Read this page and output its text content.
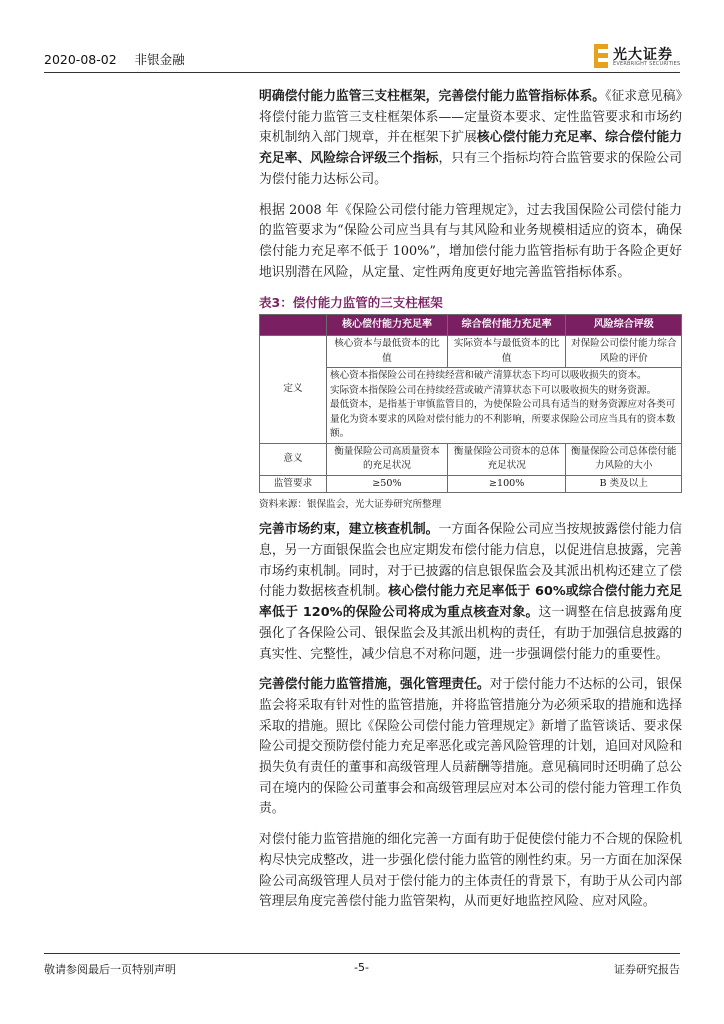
2020-08-02 非银金融	光大证券
EVERBRIGHT SECURITIES

明确偿付能力监管三支柱框架，完善偿付能力监管指标体系。《征求意见稿》将偿付能力监管三支柱框架体系——定量资本要求、定性监管要求和市场约束机制纳入部门规章，并在框架下扩展核心偿付能力充足率、综合偿付能力充足率、风险综合评级三个指标，只有三个指标均符合监管要求的保险公司为偿付能力达标公司。

根据 2008 年《保险公司偿付能力管理规定》，过去我国保险公司偿付能力的监管要求为“保险公司应当具有与其风险和业务规模相适应的资本，确保偿付能力充足率不低于 100%”，增加偿付能力监管指标有助于各险企更好地识别潜在风险，从定量、定性两角度更好地完善监管指标体系。

表3：偿付能力监管的三支柱框架
	核心偿付能力充足率	综合偿付能力充足率	风险综合评级
定义	核心资本与最低资本的比值	实际资本与最低资本的比值	对保险公司偿付能力综合风险的评价

	核心资本指保险公司在持续经营和破产清算状态下均可以吸收损失的资本。
实际资本指保险公司在持续经营或破产清算状态下可以吸收损失的财务资源。
最低资本，是指基于审慎监管目的，为使保险公司具有适当的财务资源应对各类可量化为资本要求的风险对偿付能力的不利影响，所要求保险公司应当具有的资本数额。		

意义	衡量保险公司高质量资本的充足状况	衡量保险公司资本的总体充足状况	衡量保险公司总体偿付能力风险的大小
监管要求	≥50%	≥100%	B 类及以上
资料来源：银保监会，光大证券研究所整理

完善市场约束，建立核查机制。一方面各保险公司应当按规披露偿付能力信息，另一方面银保监会也应定期发布偿付能力信息，以促进信息披露，完善市场约束机制。同时，对于已披露的信息银保监会及其派出机构还建立了偿付能力数据核查机制。核心偿付能力充足率低于 60%或综合偿付能力充足率低于 120%的保险公司将成为重点核查对象。这一调整在信息披露角度强化了各保险公司、银保监会及其派出机构的责任，有助于加强信息披露的真实性、完整性，减少信息不对称问题，进一步强调偿付能力的重要性。

完善偿付能力监管措施，强化管理责任。对于偿付能力不达标的公司，银保监会将采取有针对性的监管措施，并将监管措施分为必须采取的措施和选择采取的措施。照比《保险公司偿付能力管理规定》新增了监管谈话、要求保险公司提交预防偿付能力充足率恶化或完善风险管理的计划，追回对风险和损失负有责任的董事和高级管理人员薪酬等措施。意见稿同时还明确了总公司在境内的保险公司董事会和高级管理层应对本公司的偿付能力管理工作负责。

对偿付能力监管措施的细化完善一方面有助于促使偿付能力不合规的保险机构尽快完成整改，进一步强化偿付能力监管的刚性约束。另一方面在加深保险公司高级管理人员对于偿付能力的主体责任的背景下，有助于从公司内部管理层角度完善偿付能力监管架构，从而更好地监控风险、应对风险。

敬请参阅最后一页特别声明	-5-	证券研究报告
